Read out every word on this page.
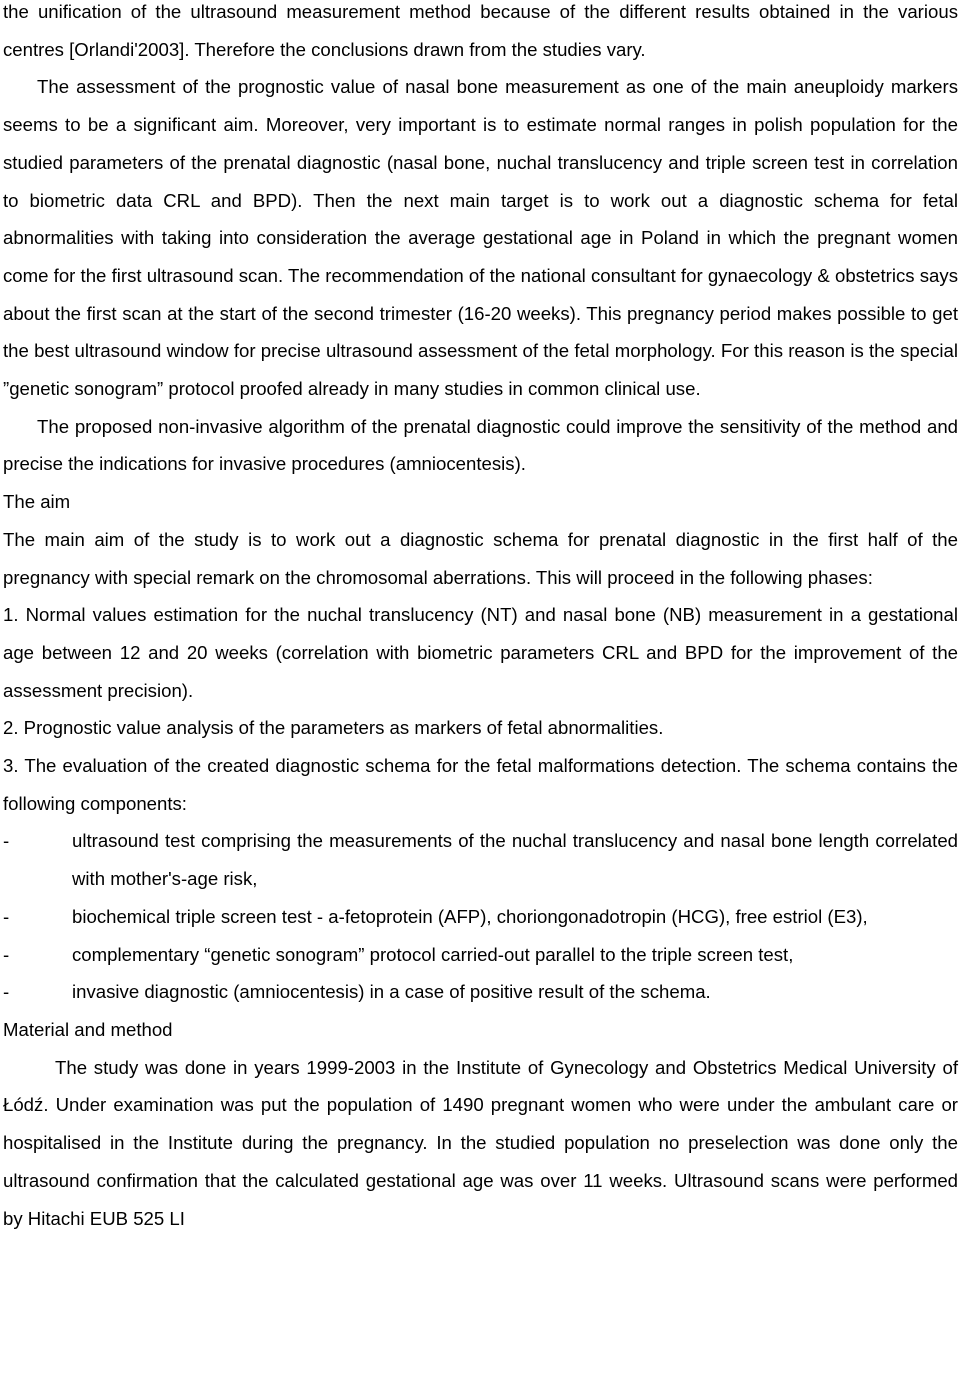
the unification of the ultrasound measurement method because of the different results obtained in the various centres [Orlandi'2003]. Therefore the conclusions drawn from the studies vary.

The assessment of the prognostic value of nasal bone measurement as one of the main aneuploidy markers seems to be a significant aim. Moreover, very important is to estimate normal ranges in polish population for the studied parameters of the prenatal diagnostic (nasal bone, nuchal translucency and triple screen test in correlation to biometric data CRL and BPD). Then the next main target is to work out a diagnostic schema for fetal abnormalities with taking into consideration the average gestational age in Poland in which the pregnant women come for the first ultrasound scan. The recommendation of the national consultant for gynaecology & obstetrics says about the first scan at the start of the second trimester (16-20 weeks). This pregnancy period makes possible to get the best ultrasound window for precise ultrasound assessment of the fetal morphology. For this reason is the special ”genetic sonogram” protocol proofed already in many studies in common clinical use.

The proposed non-invasive algorithm of the prenatal diagnostic could improve the sensitivity of the method and precise the indications for invasive procedures (amniocentesis).

The aim

The main aim of the study is to work out a diagnostic schema for prenatal diagnostic in the first half of the pregnancy with special remark on the chromosomal aberrations. This will proceed in the following phases:

1. Normal values estimation for the nuchal translucency (NT) and nasal bone (NB) measurement in a gestational age between 12 and 20 weeks (correlation with biometric parameters CRL and BPD for the improvement of the assessment precision).

2. Prognostic value analysis of the parameters as markers of fetal abnormalities.

3. The evaluation of the created diagnostic schema for the fetal malformations detection. The schema contains the following components:

-	ultrasound test comprising the measurements of the nuchal translucency and nasal bone length correlated with mother's-age risk,
-	biochemical triple screen test - a-fetoprotein (AFP), choriongonadotropin (HCG), free estriol (E3),
-	complementary “genetic sonogram” protocol carried-out parallel to the triple screen test,
-	invasive diagnostic (amniocentesis) in a case of positive result of the schema.

Material and method

The study was done in years 1999-2003 in the Institute of Gynecology and Obstetrics Medical University of Łódź. Under examination was put the population of 1490 pregnant women who were under the ambulant care or hospitalised in the Institute during the pregnancy. In the studied population no preselection was done only the ultrasound confirmation that the calculated gestational age was over 11 weeks. Ultrasound scans were performed by Hitachi EUB 525 LI
